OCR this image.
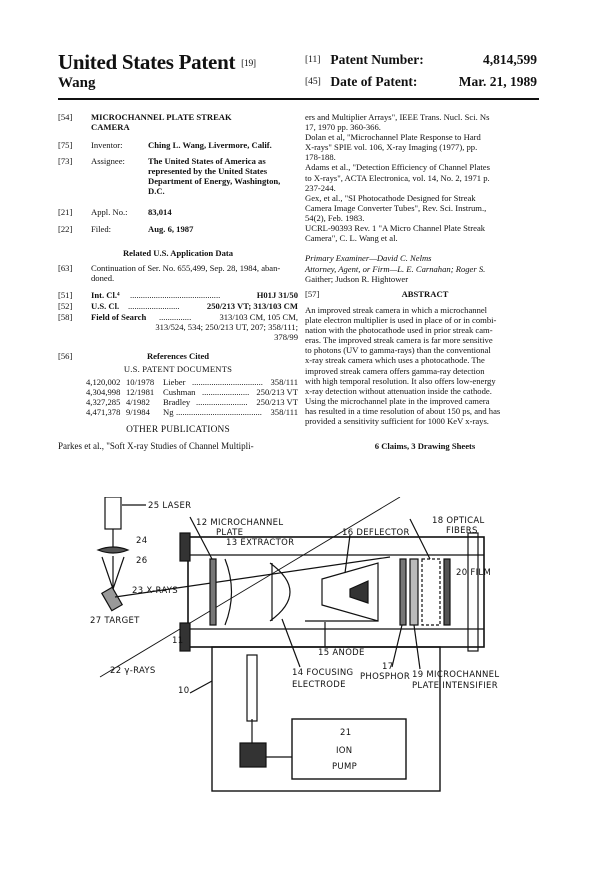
United States Patent [19]
Wang
[11] Patent Number:	4,814,599
[45] Date of Patent:	Mar. 21, 1989
[54] MICROCHANNEL PLATE STREAK
CAMERA
[75] Inventor:	Ching L. Wang, Livermore, Calif.
[73] Assignee:	The United States of America as
represented by the United States
Department of Energy, Washington,
D.C.
[21] Appl. No.: 83,014
[22] Filed:	Aug. 6, 1987
Related U.S. Application Data
[63] Continuation of Ser. No. 655,499, Sep. 28, 1984, aban-
doned.
[51] Int. Cl.⁴ ..........................................	H01J 31/50
[52] U.S. Cl. ........................	250/213 VT; 313/103 CM
[58] Field of Search ...............	313/103 CM, 105 CM,
313/524, 534; 250/213 UT, 207; 358/111;
378/99
[56]	References Cited
U.S. PATENT DOCUMENTS
4,120,002 10/1978 Lieber ................................. 358/111
4,304,998 12/1981 Cushman ...................... 250/213 VT
4,327,285 4/1982 Bradley ........................ 250/213 VT
4,471,378 9/1984 Ng ........................................ 358/111
OTHER PUBLICATIONS
Parkes et al., "Soft X-ray Studies of Channel Multipli-
ers and Multiplier Arrays", IEEE Trans. Nucl. Sci. Ns
17, 1970 pp. 360-366.
Dolan et al, "Microchannel Plate Response to Hard
X-rays" SPIE vol. 106, X-ray Imaging (1977), pp.
178-188.
Adams et al., "Detection Efficiency of Channel Plates
to X-rays", ACTA Electronica, vol. 14, No. 2, 1971 p.
237-244.
Gex, et al., "SI Photocathode Designed for Streak
Camera Image Converter Tubes", Rev. Sci. Instrum.,
54(2), Feb. 1983.
UCRL-90393 Rev. 1 "A Micro Channel Plate Streak
Camera", C. L. Wang et al.
Primary Examiner—David C. Nelms
Attorney, Agent, or Firm—L. E. Carnahan; Roger S.
Gaither; Judson R. Hightower
[57]	ABSTRACT
An improved streak camera in which a microchannel
plate electron multiplier is used in place of or in combi-
nation with the photocathode used in prior streak cam-
eras. The improved streak camera is far more sensitive
to photons (UV to gamma-rays) than the conventional
x-ray streak camera which uses a photocathode. The
improved streak camera offers gamma-ray detection
with high temporal resolution. It also offers low-energy
x-ray detection without attenuation inside the cathode.
Using the microchannel plate in the improved camera
has resulted in a time resolution of about 150 ps, and has
provided a sensitivity sufficient for 1000 KeV x-rays.
6 Claims, 3 Drawing Sheets
25 LASER
24
26
23 X-RAYS
27 TARGET
22 γ-RAYS
12 MICROCHANNEL
PLATE
13 EXTRACTOR
16 DEFLECTOR
18 OPTICAL
FIBERS
20 FILM
11
15 ANODE
14 FOCUSING
ELECTRODE
17
PHOSPHOR 19 MICROCHANNEL
PLATE INTENSIFIER
10
21
ION
PUMP
